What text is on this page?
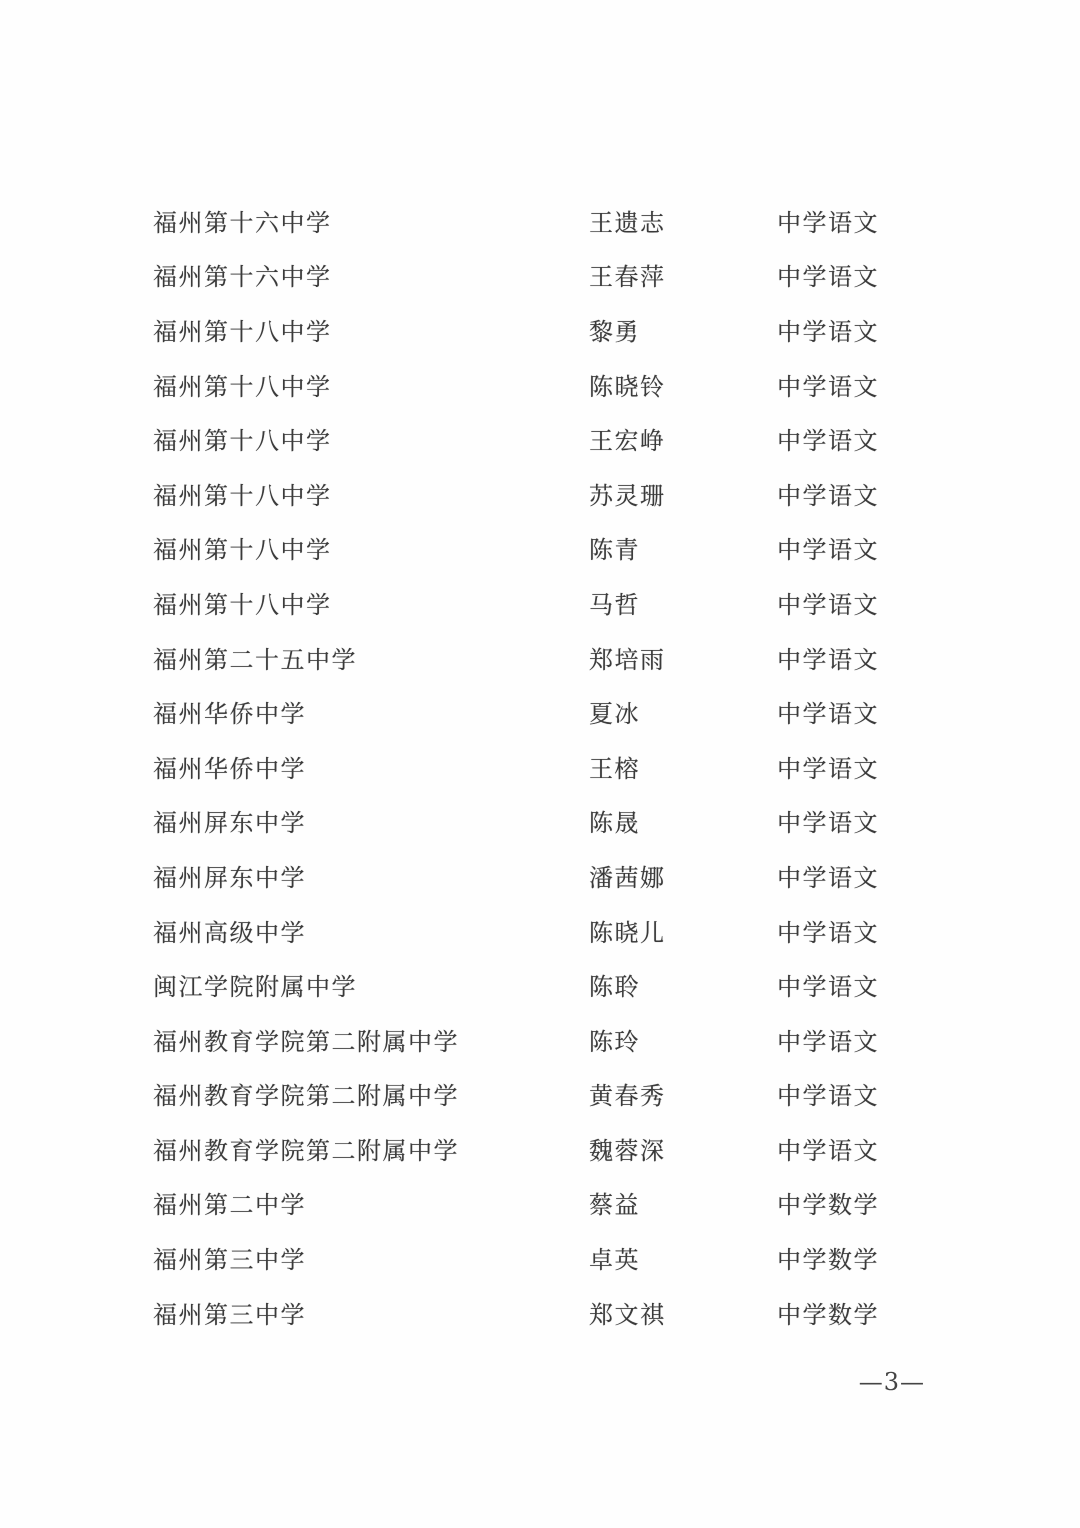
福州第十六中学	王遗志	中学语文
福州第十六中学	王春萍	中学语文
福州第十八中学	黎勇	中学语文
福州第十八中学	陈晓铃	中学语文
福州第十八中学	王宏峥	中学语文
福州第十八中学	苏灵珊	中学语文
福州第十八中学	陈青	中学语文
福州第十八中学	马哲	中学语文
福州第二十五中学	郑培雨	中学语文
福州华侨中学	夏冰	中学语文
福州华侨中学	王榕	中学语文
福州屏东中学	陈晟	中学语文
福州屏东中学	潘茜娜	中学语文
福州高级中学	陈晓儿	中学语文
闽江学院附属中学	陈聆	中学语文
福州教育学院第二附属中学	陈玲	中学语文
福州教育学院第二附属中学	黄春秀	中学语文
福州教育学院第二附属中学	魏蓉深	中学语文
福州第二中学	蔡益	中学数学
福州第三中学	卓英	中学数学
福州第三中学	郑文祺	中学数学
—3—
